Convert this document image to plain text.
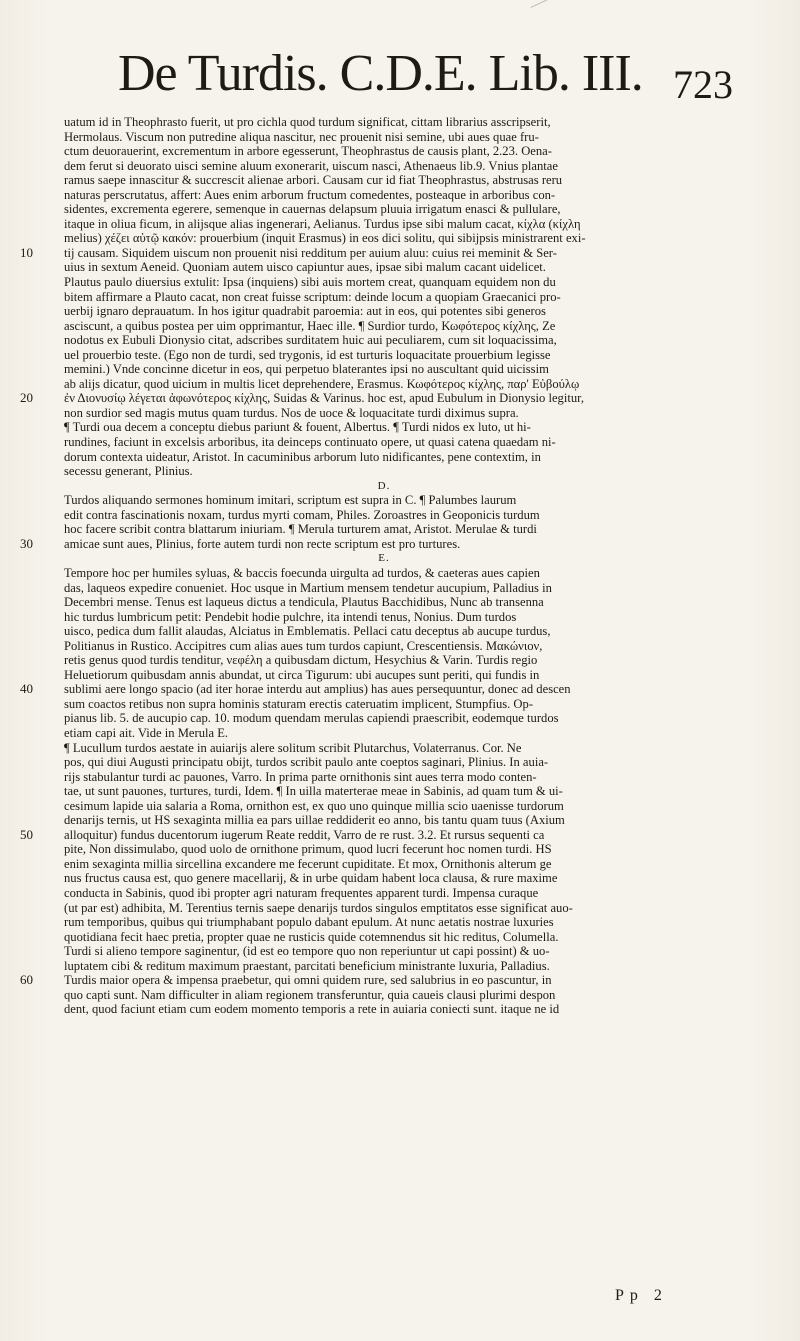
De Turdis. C.D.E. Lib. III. 723
uatum id in Theophrasto fuerit, ut pro cichla quod turdum significat, cittam librarius asscripserit,
Hermolaus. Viscum non putredine aliqua nascitur, nec prouenit nisi semine, ubi aues quae fru-
ctum deuorauerint, excrementum in arbore egesserunt, Theophrastus de causis plant, 2.23. Oena-
dem ferut si deuorato uisci semine aluum exonerarit, uiscum nasci, Athenaeus lib.9. Vnius plantae
ramus saepe innascitur & succrescit alienae arbori. Causam cur id fiat Theophrastus, abstrusas reru
naturas perscrutatus, affert: Aues enim arborum fructum comedentes, posteaque in arboribus con-
sidentes, excrementa egerere, semenque in cauernas delapsum pluuia irrigatum enasci & pullulare,
itaque in oliua ficum, in alijsque alias ingenerari, Aelianus. Turdus ipse sibi malum cacat, κίχλα (κίχλη
melius) χέζει αὑτῷ κακόν: prouerbium (inquit Erasmus) in eos dici solitu, qui sibijpsis ministrarent exi-
10 tij causam. Siquidem uiscum non prouenit nisi redditum per auium aluu: cuius rei meminit & Ser-
uius in sextum Aeneid. Quoniam autem uisco capiuntur aues, ipsae sibi malum cacant uidelicet.
Plautus paulo diuersius extulit: Ipsa (inquiens) sibi auis mortem creat, quanquam equidem non du
bitem affirmare a Plauto cacat, non creat fuisse scriptum: deinde locum a quopiam Graecanici pro-
uerbij ignaro deprauatum. In hos igitur quadrabit paroemia: aut in eos, qui potentes sibi generos
asciscunt, a quibus postea per uim opprimantur, Haec ille. ¶ Surdior turdo, Κωφότερος κίχλης, Ze
nodotus ex Eubuli Dionysio citat, adscribes surditatem huic aui peculiarem, cum sit loquacissima,
uel prouerbio teste. (Ego non de turdi, sed trygonis, id est turturis loquacitate prouerbium legisse
memini.) Vnde concinne dicetur in eos, qui perpetuo blaterantes ipsi no auscultant quid uicissim
ab alijs dicatur, quod uicium in multis licet deprehendere, Erasmus. Κωφότερος κίχλης, παρ' Εὐβούλῳ
20 ἐν Διονυσίῳ λέγεται ἀφωνότερος κίχλης, Suidas & Varinus. hoc est, apud Eubulum in Dionysio legitur,
non surdior sed magis mutus quam turdus. Nos de uoce & loquacitate turdi diximus supra.
¶ Turdi oua decem a conceptu diebus pariunt & fouent, Albertus. ¶ Turdi nidos ex luto, ut hi-
rundines, faciunt in excelsis arboribus, ita deinceps continuato opere, ut quasi catena quaedam ni-
dorum contexta uideatur, Aristot. In cacuminibus arborum luto nidificantes, pene contextim, in
secessu generant, Plinius.
D.
Turdos aliquando sermones hominum imitari, scriptum est supra in C. ¶ Palumbes laurum
edit contra fascinationis noxam, turdus myrti comam, Philes. Zoroastres in Geoponicis turdum
hoc facere scribit contra blattarum iniuriam. ¶ Merula turturem amat, Aristot. Merulae & turdi
30 amicae sunt aues, Plinius, forte autem turdi non recte scriptum est pro turtures.
E.
Tempore hoc per humiles syluas, & baccis foecunda uirgulta ad turdos, & caeteras aues capien
das, laqueos expedire conueniet. Hoc usque in Martium mensem tendetur aucupium, Palladius in
Decembri mense. Tenus est laqueus dictus a tendicula, Plautus Bacchidibus, Nunc ab transenna
hic turdus lumbricum petit: Pendebit hodie pulchre, ita intendi tenus, Nonius. Dum turdos
uisco, pedica dum fallit alaudas, Alciatus in Emblematis. Pellaci catu deceptus ab aucupe turdus,
Politianus in Rustico. Accipitres cum alias aues tum turdos capiunt, Crescentiensis. Μακώνιον,
retis genus quod turdis tenditur, νεφέλη a quibusdam dictum, Hesychius & Varin. Turdis regio
Heluetiorum quibusdam annis abundat, ut circa Tigurum: ubi aucupes sunt periti, qui fundis in
40 sublimi aere longo spacio (ad iter horae interdu aut amplius) has aues persequuntur, donec ad descen
sum coactos retibus non supra hominis staturam erectis cateruatim implicent, Stumpfius. Op-
pianus lib. 5. de aucupio cap. 10. modum quendam merulas capiendi praescribit, eodemque turdos
etiam capi ait. Vide in Merula E.
¶ Lucullum turdos aestate in auiarijs alere solitum scribit Plutarchus, Volaterranus. Cor. Ne
pos, qui diui Augusti principatu obijt, turdos scribit paulo ante coeptos saginari, Plinius. In auia-
rijs stabulantur turdi ac pauones, Varro. In prima parte ornithonis sint aues terra modo conten-
tae, ut sunt pauones, turtures, turdi, Idem. ¶ In uilla materterae meae in Sabinis, ad quam tum & ui-
cesimum lapide uia salaria a Roma, ornithon est, ex quo uno quinque millia scio uaenisse turdorum
denarijs ternis, ut HS sexaginta millia ea pars uillae reddiderit eo anno, bis tantu quam tuus (Axium
50 alloquitur) fundus ducentorum iugerum Reate reddit, Varro de re rust. 3.2. Et rursus sequenti ca
pite, Non dissimulabo, quod uolo de ornithone primum, quod lucri fecerunt hoc nomen turdi. HS
enim sexaginta millia sircellina excandere me fecerunt cupiditate. Et mox, Ornithonis alterum ge
nus fructus causa est, quo genere macellarij, & in urbe quidam habent loca clausa, & rure maxime
conducta in Sabinis, quod ibi propter agri naturam frequentes apparent turdi. Impensa curaque
(ut par est) adhibita, M. Terentius ternis saepe denarijs turdos singulos emptitatos esse significat auo-
rum temporibus, quibus qui triumphabant populo dabant epulum. At nunc aetatis nostrae luxuries
quotidiana fecit haec pretia, propter quae ne rusticis quide cotemnendus sit hic reditus, Columella.
Turdi si alieno tempore saginentur, (id est eo tempore quo non reperiuntur ut capi possint) & uo-
luptatem cibi & reditum maximum praestant, parcitati beneficium ministrante luxuria, Palladius.
60 Turdis maior opera & impensa praebetur, qui omni quidem rure, sed salubrius in eo pascuntur, in
quo capti sunt. Nam difficulter in aliam regionem transferuntur, quia caueis clausi plurimi despon
dent, quod faciunt etiam cum eodem momento temporis a rete in auiaria coniecti sunt. itaque ne id
Pp 2
